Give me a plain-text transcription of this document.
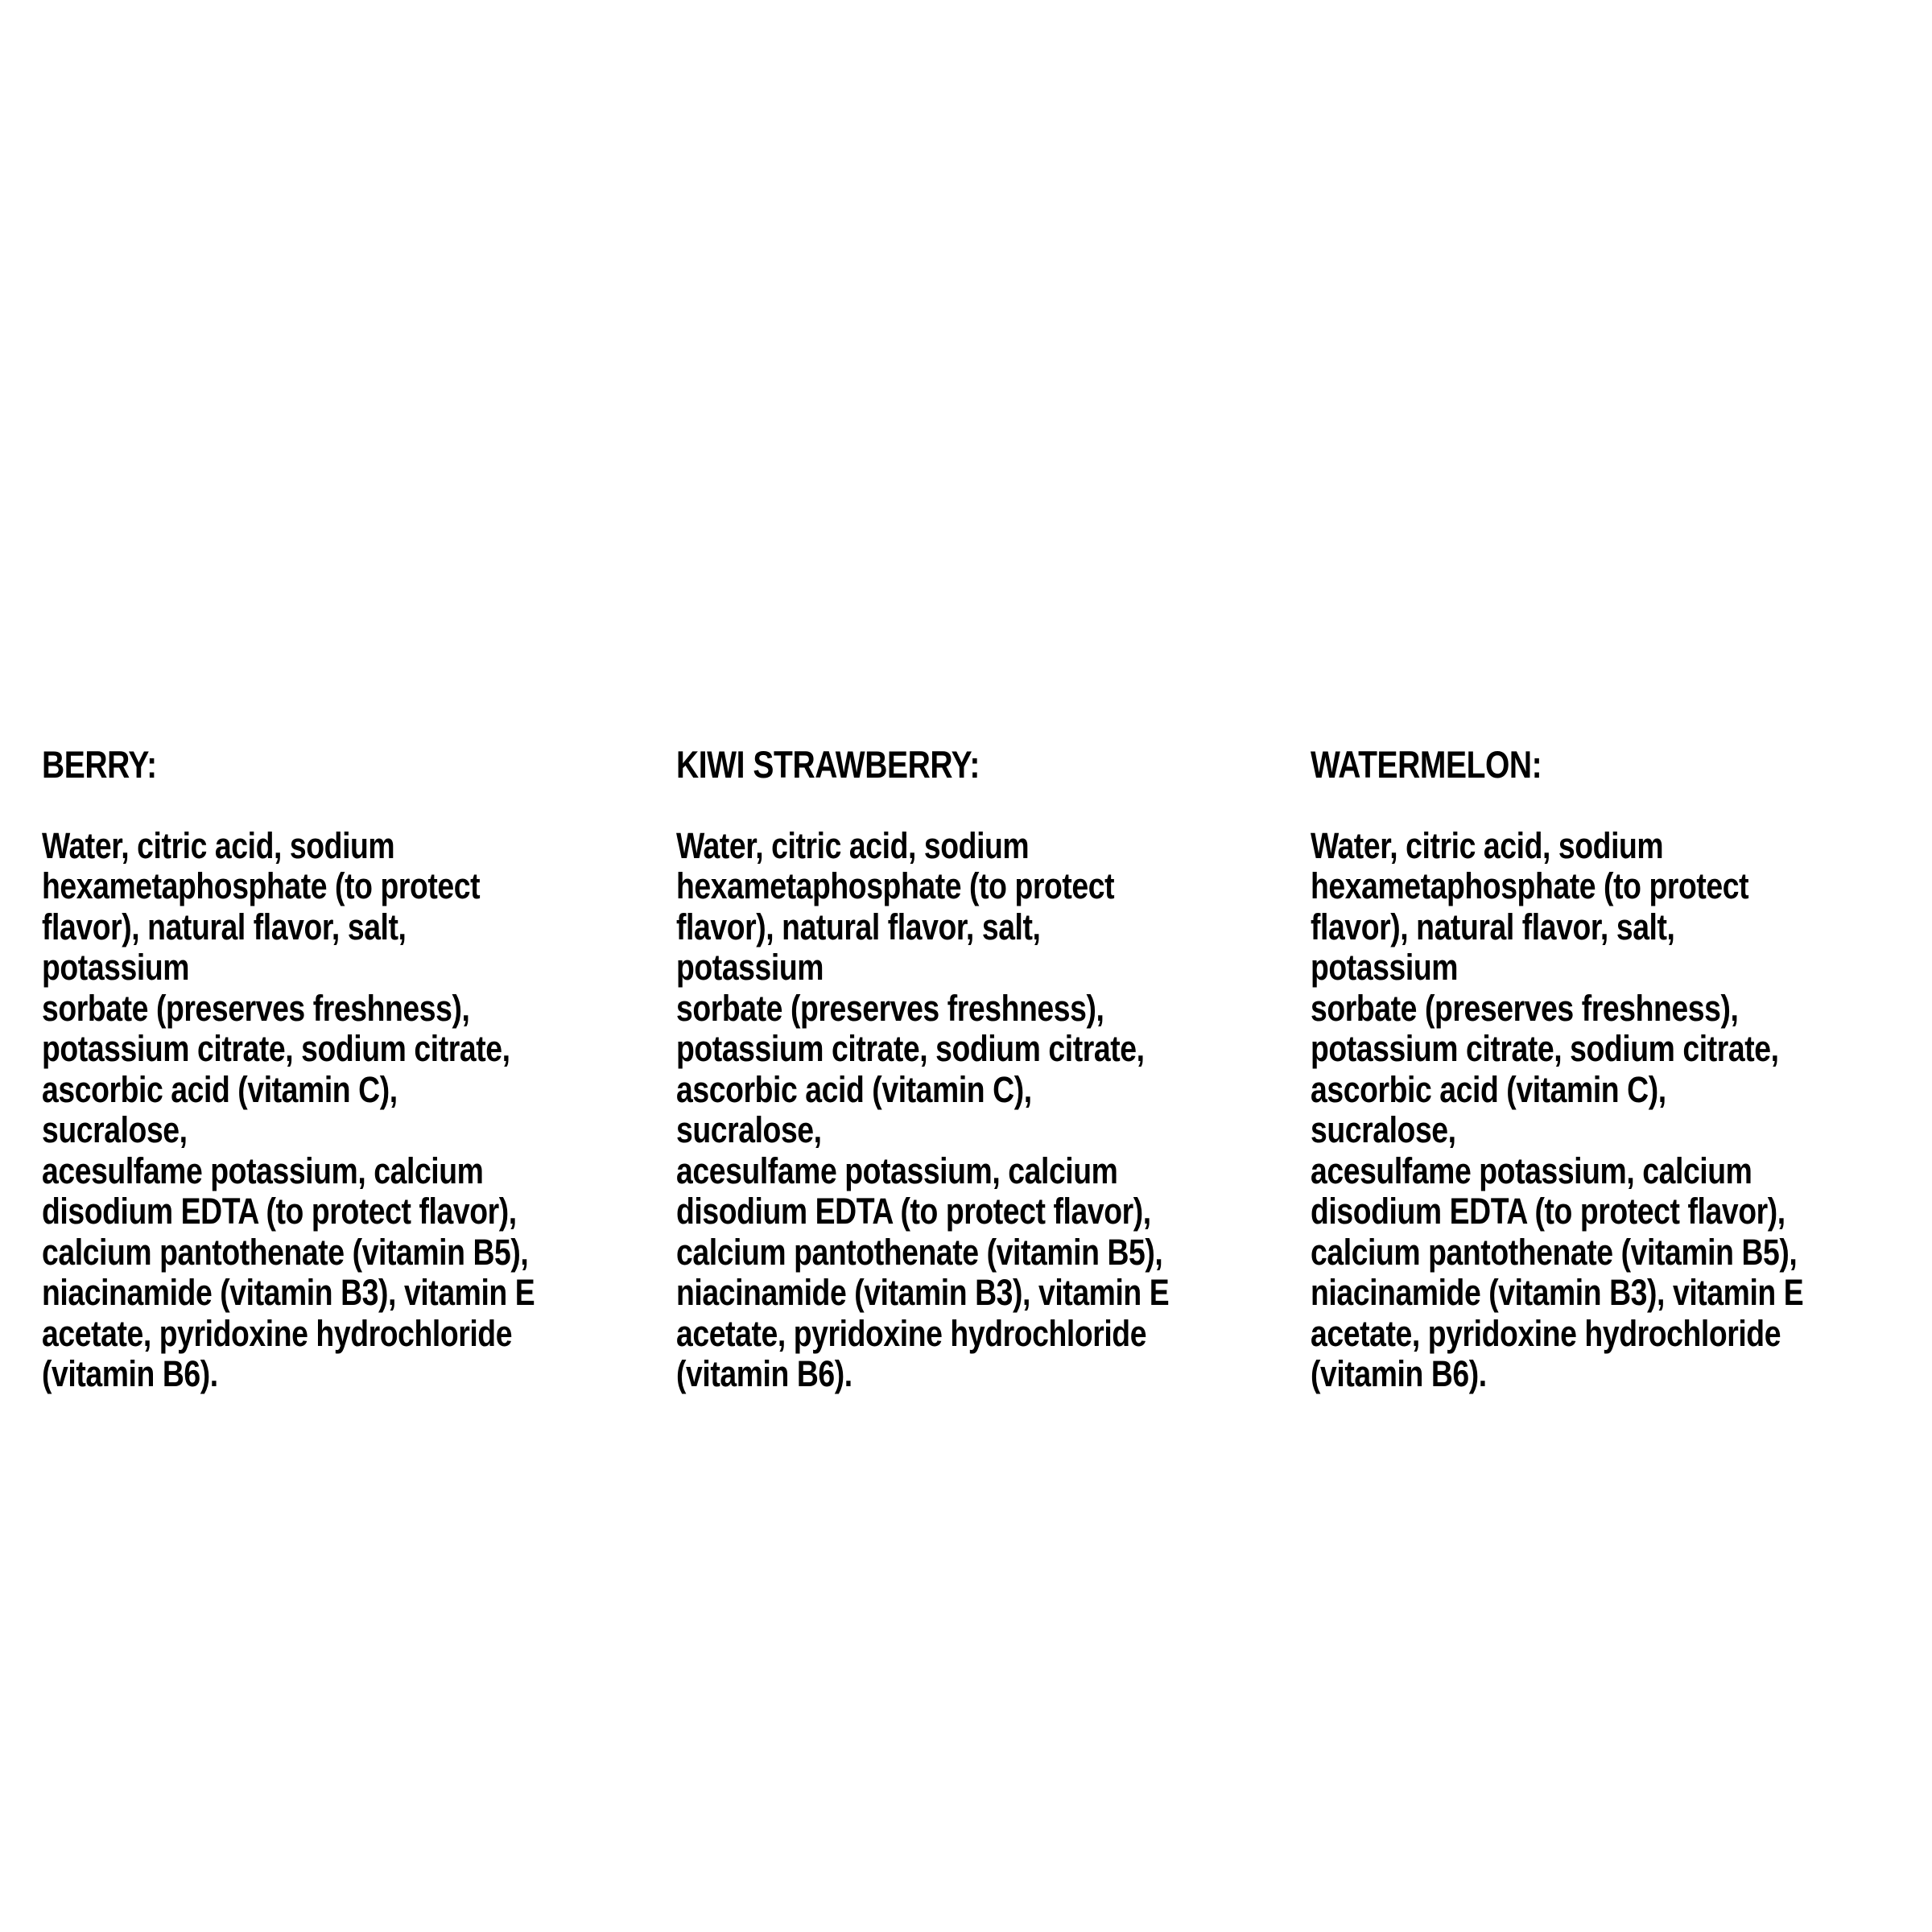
BERRY:

Water, citric acid, sodium
hexametaphosphate (to protect
flavor), natural flavor, salt, potassium
sorbate (preserves freshness),
potassium citrate, sodium citrate,
ascorbic acid (vitamin C), sucralose,
acesulfame potassium, calcium
disodium EDTA (to protect flavor),
calcium pantothenate (vitamin B5),
niacinamide (vitamin B3), vitamin E
acetate, pyridoxine hydrochloride
(vitamin B6).

KIWI STRAWBERRY:

Water, citric acid, sodium
hexametaphosphate (to protect
flavor), natural flavor, salt, potassium
sorbate (preserves freshness),
potassium citrate, sodium citrate,
ascorbic acid (vitamin C), sucralose,
acesulfame potassium, calcium
disodium EDTA (to protect flavor),
calcium pantothenate (vitamin B5),
niacinamide (vitamin B3), vitamin E
acetate, pyridoxine hydrochloride
(vitamin B6).

WATERMELON:

Water, citric acid, sodium
hexametaphosphate (to protect
flavor), natural flavor, salt, potassium
sorbate (preserves freshness),
potassium citrate, sodium citrate,
ascorbic acid (vitamin C), sucralose,
acesulfame potassium, calcium
disodium EDTA (to protect flavor),
calcium pantothenate (vitamin B5),
niacinamide (vitamin B3), vitamin E
acetate, pyridoxine hydrochloride
(vitamin B6).
